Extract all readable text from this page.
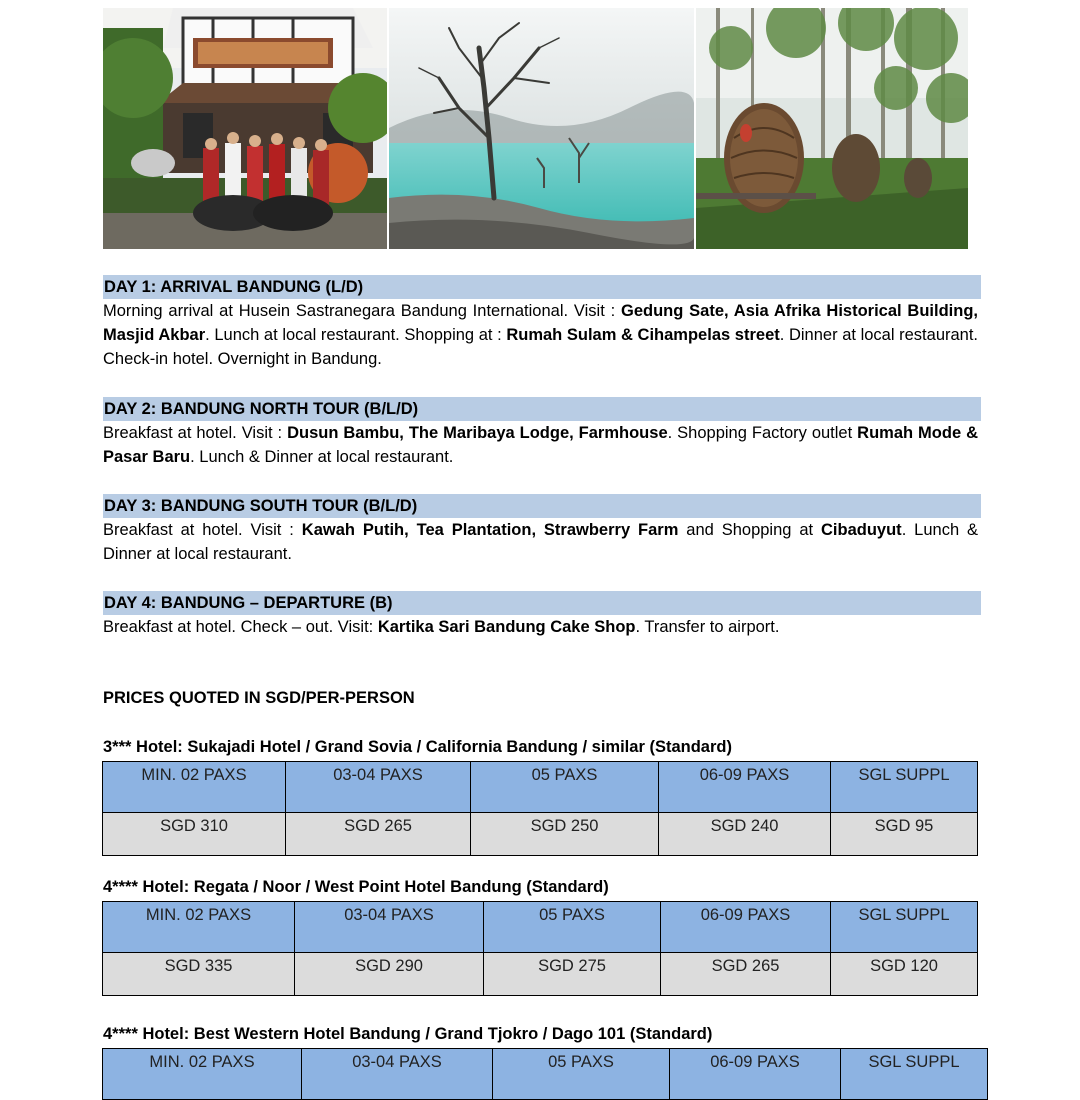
DAY 1: ARRIVAL BANDUNG (L/D)
Morning arrival at Husein Sastranegara Bandung International. Visit : Gedung Sate, Asia Afrika Historical Building, Masjid Akbar. Lunch at local restaurant. Shopping at : Rumah Sulam & Cihampelas street. Dinner at local restaurant. Check-in hotel. Overnight in Bandung.
DAY 2: BANDUNG NORTH TOUR (B/L/D)
Breakfast at hotel. Visit : Dusun Bambu, The Maribaya Lodge, Farmhouse. Shopping Factory outlet Rumah Mode & Pasar Baru. Lunch & Dinner at local restaurant.
DAY 3: BANDUNG SOUTH TOUR (B/L/D)
Breakfast at hotel. Visit : Kawah Putih, Tea Plantation, Strawberry Farm and Shopping at Cibaduyut. Lunch & Dinner at local restaurant.
DAY 4: BANDUNG – DEPARTURE (B)
Breakfast at hotel. Check – out. Visit: Kartika Sari Bandung Cake Shop. Transfer to airport.
PRICES QUOTED IN SGD/PER-PERSON
3*** Hotel: Sukajadi Hotel / Grand Sovia / California Bandung / similar (Standard)
MIN. 02 PAXS	03-04 PAXS	05 PAXS	06-09 PAXS	SGL SUPPL
SGD 310	SGD 265	SGD 250	SGD 240	SGD 95
4**** Hotel: Regata / Noor / West Point Hotel Bandung (Standard)
MIN. 02 PAXS	03-04 PAXS	05 PAXS	06-09 PAXS	SGL SUPPL
SGD 335	SGD 290	SGD 275	SGD 265	SGD 120
4**** Hotel: Best Western Hotel Bandung / Grand Tjokro / Dago 101 (Standard)
MIN. 02 PAXS	03-04 PAXS	05 PAXS	06-09 PAXS	SGL SUPPL
